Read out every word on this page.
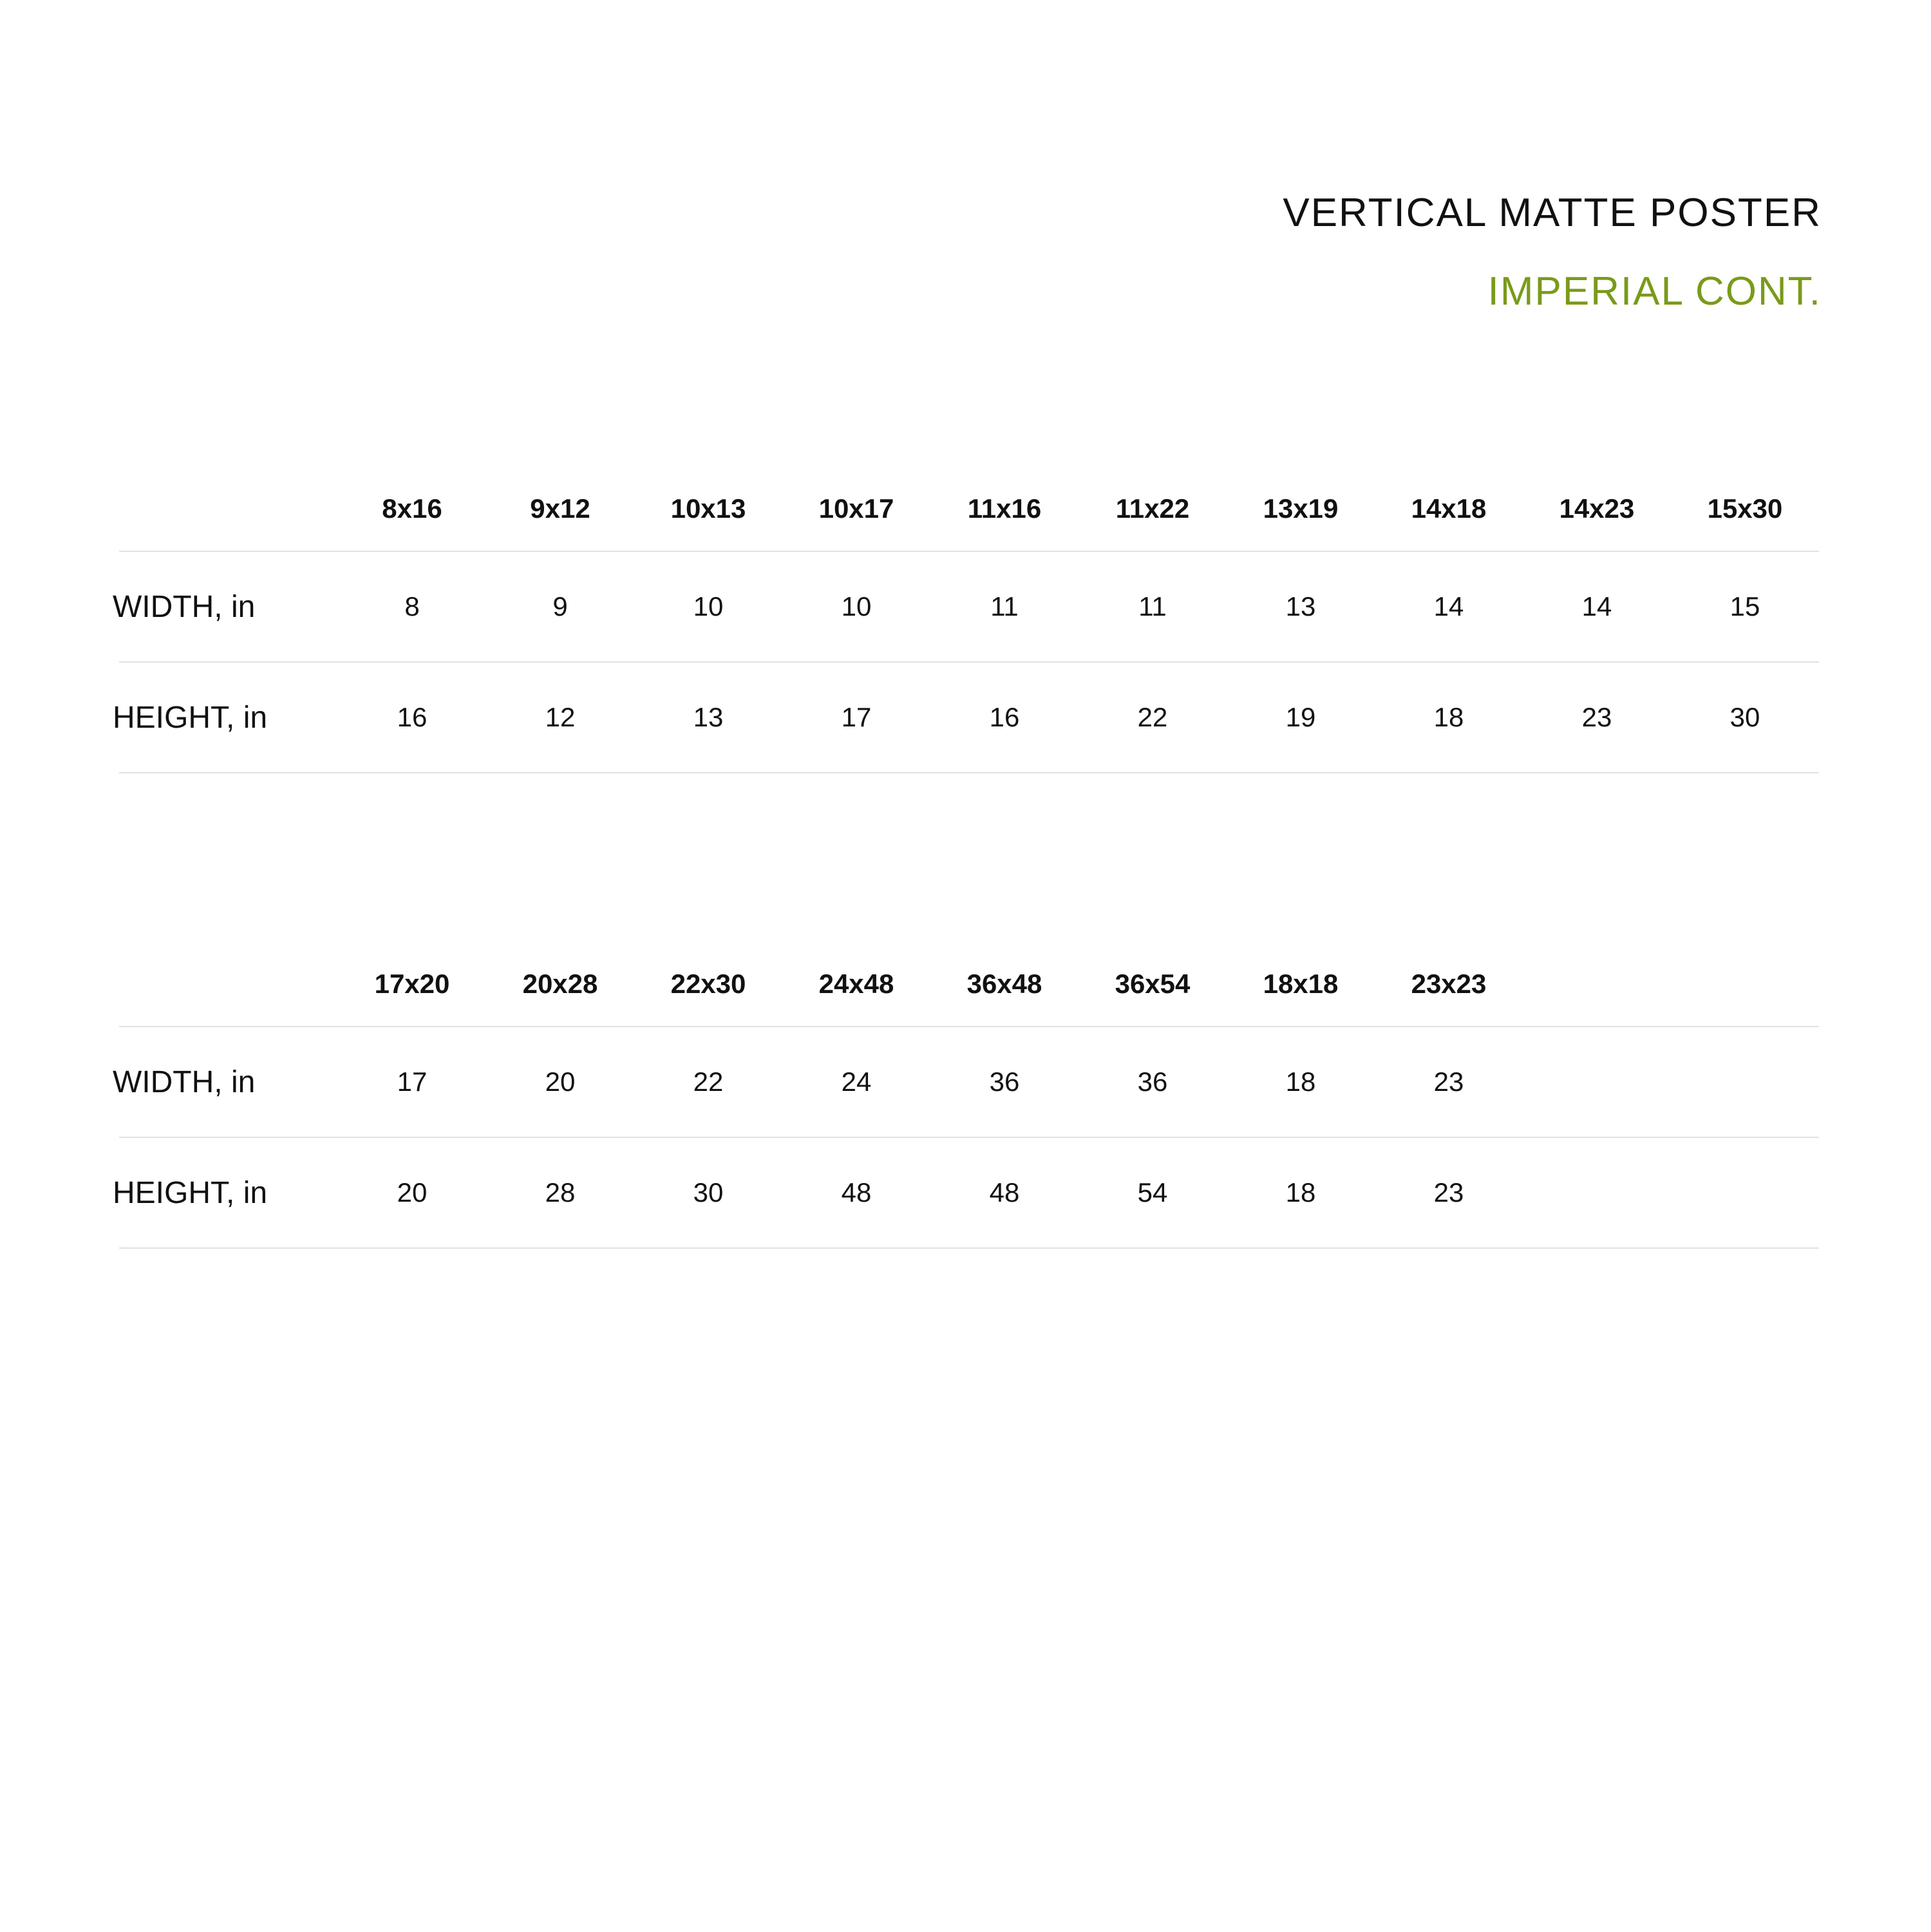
VERTICAL MATTE POSTER
IMPERIAL CONT.
	8x16	9x12	10x13	10x17	11x16	11x22	13x19	14x18	14x23	15x30
WIDTH, in	8	9	10	10	11	11	13	14	14	15
HEIGHT, in	16	12	13	17	16	22	19	18	23	30
	17x20	20x28	22x30	24x48	36x48	36x54	18x18	23x23		
WIDTH, in	17	20	22	24	36	36	18	23		
HEIGHT, in	20	28	30	48	48	54	18	23		
